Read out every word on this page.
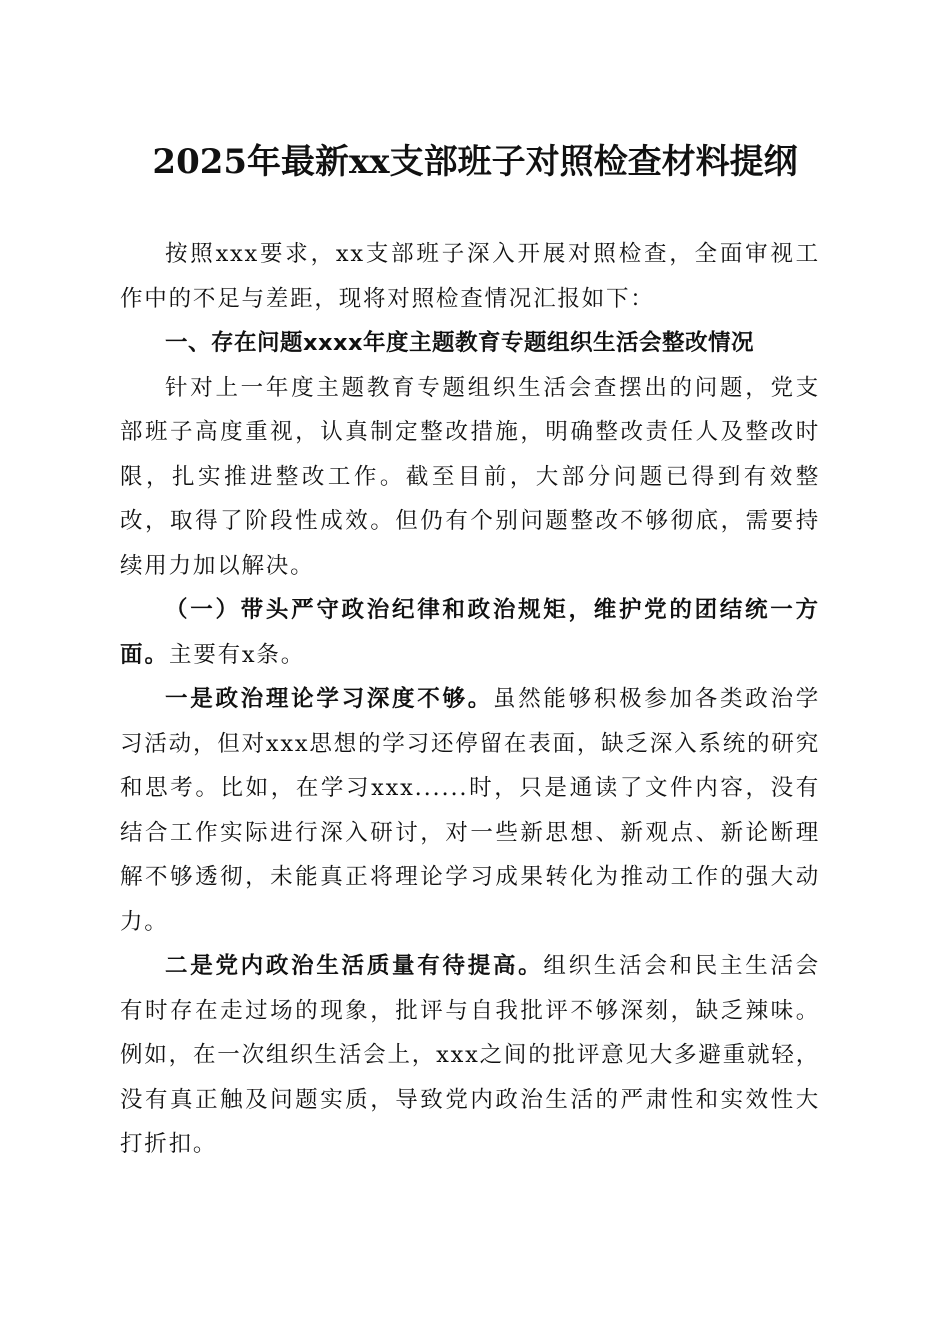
2025年最新xx支部班子对照检查材料提纲

按照xxx要求，xx支部班子深入开展对照检查，全面审视工作中的不足与差距，现将对照检查情况汇报如下：

一、存在问题xxxx年度主题教育专题组织生活会整改情况

针对上一年度主题教育专题组织生活会查摆出的问题，党支部班子高度重视，认真制定整改措施，明确整改责任人及整改时限，扎实推进整改工作。截至目前，大部分问题已得到有效整改，取得了阶段性成效。但仍有个别问题整改不够彻底，需要持续用力加以解决。

（一）带头严守政治纪律和政治规矩，维护党的团结统一方面。主要有x条。

一是政治理论学习深度不够。虽然能够积极参加各类政治学习活动，但对xxx思想的学习还停留在表面，缺乏深入系统的研究和思考。比如，在学习xxx......时，只是通读了文件内容，没有结合工作实际进行深入研讨，对一些新思想、新观点、新论断理解不够透彻，未能真正将理论学习成果转化为推动工作的强大动力。

二是党内政治生活质量有待提高。组织生活会和民主生活会有时存在走过场的现象，批评与自我批评不够深刻，缺乏辣味。例如，在一次组织生活会上，xxx之间的批评意见大多避重就轻，没有真正触及问题实质，导致党内政治生活的严肃性和实效性大打折扣。
